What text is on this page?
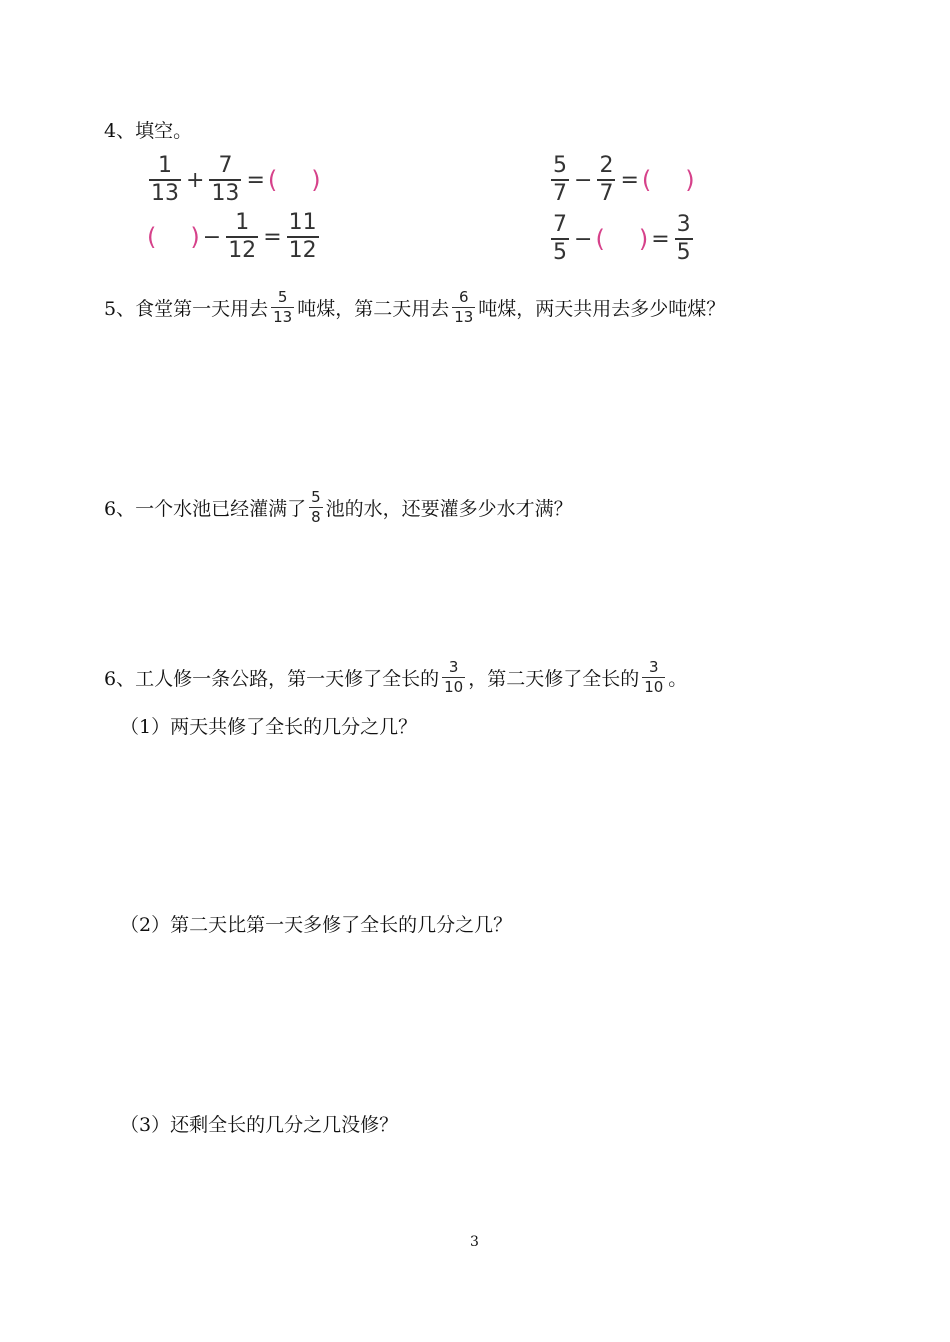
4、填空。
$\frac{1}{13} + \frac{7}{13}$ = ( )
( ) − $\frac{1}{12} = \frac{11}{12}$
$\frac{5}{7} - \frac{2}{7}$ = ( )
$\frac{7}{5}$ − ( ) = $\frac{3}{5}$
5、食堂第一天用去 $\frac{5}{13}$ 吨煤，第二天用去 $\frac{6}{13}$ 吨煤，两天共用去多少吨煤？
6、一个水池已经灌满了 $\frac{5}{8}$ 池的水，还要灌多少水才满？
6、工人修一条公路，第一天修了全长的 $\frac{3}{10}$ ，第二天修了全长的 $\frac{3}{10}$ 。
（1）两天共修了全长的几分之几？
（2）第二天比第一天多修了全长的几分之几？
（3）还剩全长的几分之几没修？
3
